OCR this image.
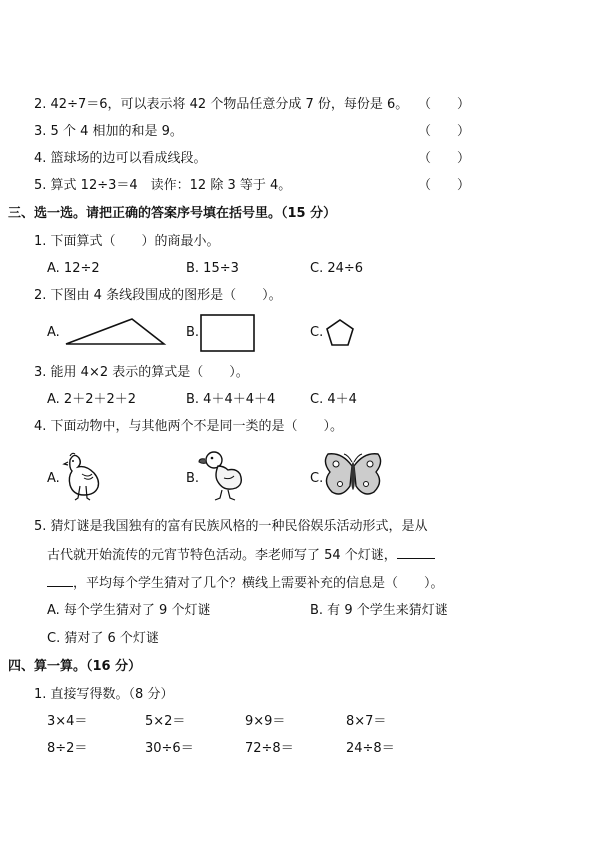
2. 42÷7＝6，可以表示将 42 个物品任意分成 7 份，每份是 6。 （　　）
3. 5 个 4 相加的和是 9。	（　　）
4. 篮球场的边可以看成线段。	（　　）
5. 算式 12÷3＝4　读作：12 除 3 等于 4。	（　　）
三、选一选。请把正确的答案序号填在括号里。（15 分）
1. 下面算式（　　）的商最小。
A. 12÷2	B. 15÷3	C. 24÷6
2. 下图由 4 条线段围成的图形是（　　）。
A.	B.	C.
3. 能用 4×2 表示的算式是（　　）。
A. 2＋2＋2＋2	B. 4＋4＋4＋4	C. 4＋4
4. 下面动物中，与其他两个不是同一类的是（　　）。
A.	B.	C.
5. 猜灯谜是我国独有的富有民族风格的一种民俗娱乐活动形式，是从
古代就开始流传的元宵节特色活动。李老师写了 54 个灯谜，
，平均每个学生猜对了几个？横线上需要补充的信息是（　　）。
A. 每个学生猜对了 9 个灯谜	B. 有 9 个学生来猜灯谜
C. 猜对了 6 个灯谜
四、算一算。（16 分）
1. 直接写得数。（8 分）
3×4＝	5×2＝	9×9＝	8×7＝
8÷2＝	30÷6＝	72÷8＝	24÷8＝
